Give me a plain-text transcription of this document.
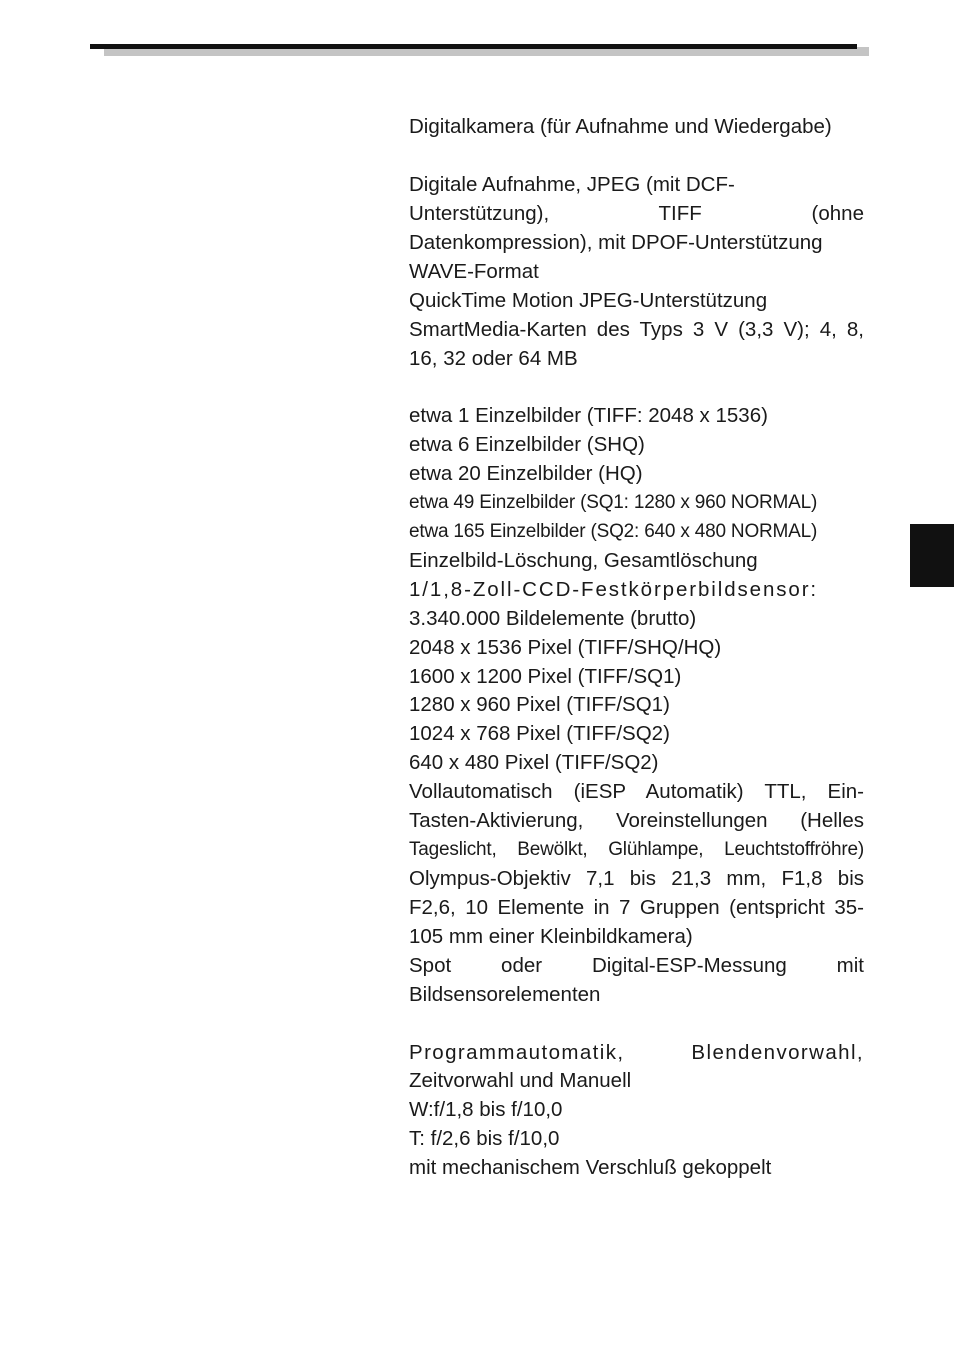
Digitalkamera (für Aufnahme und Wiedergabe)
Digitale Aufnahme, JPEG (mit DCF-
Unterstützung), TIFF (ohne
Datenkompression), mit DPOF-Unterstützung
WAVE-Format
QuickTime Motion JPEG-Unterstützung
SmartMedia-Karten des Typs 3 V (3,3 V); 4, 8,
16, 32 oder 64 MB
etwa 1 Einzelbilder (TIFF: 2048 x 1536)
etwa 6 Einzelbilder (SHQ)
etwa 20 Einzelbilder (HQ)
etwa 49 Einzelbilder (SQ1: 1280 x 960 NORMAL)
etwa 165 Einzelbilder (SQ2: 640 x 480 NORMAL)
Einzelbild-Löschung, Gesamtlöschung
1/1,8-Zoll-CCD-Festkörperbildsensor:
3.340.000 Bildelemente (brutto)
2048 x 1536 Pixel (TIFF/SHQ/HQ)
1600 x 1200 Pixel (TIFF/SQ1)
1280 x 960 Pixel (TIFF/SQ1)
1024 x 768 Pixel (TIFF/SQ2)
640 x 480 Pixel (TIFF/SQ2)
Vollautomatisch (iESP Automatik) TTL, Ein-
Tasten-Aktivierung, Voreinstellungen (Helles
Tageslicht, Bewölkt, Glühlampe, Leuchtstoffröhre)
Olympus-Objektiv 7,1 bis 21,3 mm, F1,8 bis
F2,6, 10 Elemente in 7 Gruppen (entspricht 35-
105 mm einer Kleinbildkamera)
Spot oder Digital-ESP-Messung mit
Bildsensorelementen
Programmautomatik, Blendenvorwahl,
Zeitvorwahl und Manuell
W:f/1,8 bis f/10,0
T: f/2,6 bis f/10,0
mit mechanischem Verschluß gekoppelt
